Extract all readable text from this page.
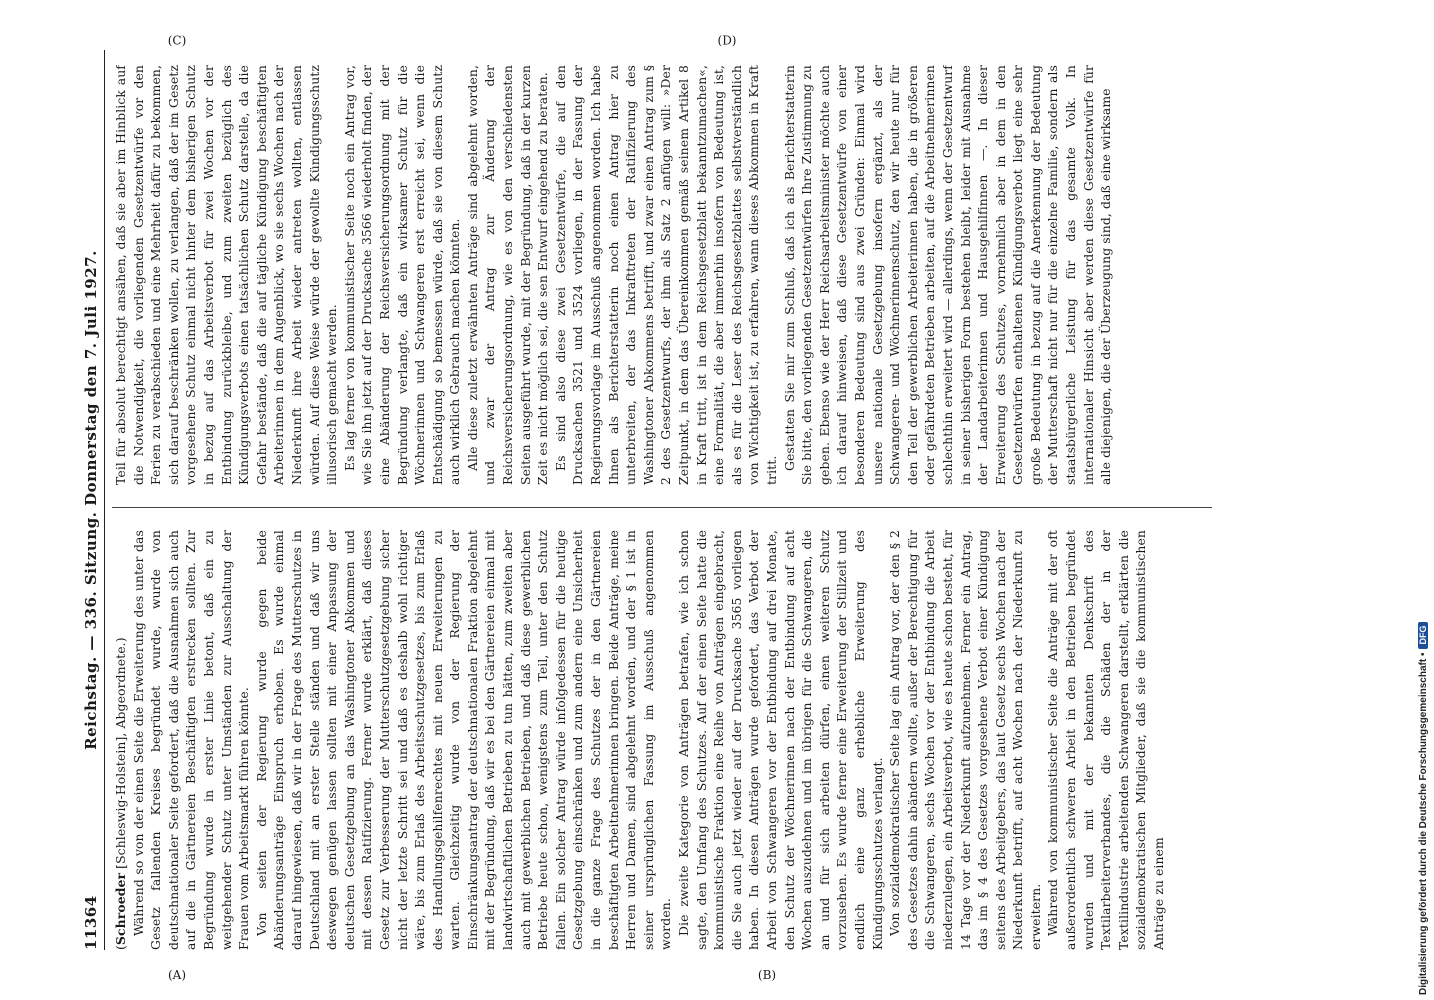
11364
Reichstag. — 336. Sitzung. Donnerstag den 7. Juli 1927.

(Schroeder [Schleswig-Holstein], Abgeordnete.) Während so von der einen Seite die Erweiterung des unter das Gesetz fallenden Kreises begründet wurde, wurde von deutschnationaler Seite gefordert, daß die Ausnahmen sich auch auf die in Gärtnereien Beschäftigten erstrecken sollten. Zur Begründung wurde in erster Linie betont, daß ein zu weitgehender Schutz unter Umständen zur Ausschaltung der Frauen vom Arbeitsmarkt führen könnte. Von seiten der Regierung wurde gegen beide Abänderungsanträge Einspruch erhoben. Es wurde einmal darauf hingewiesen, daß wir in der Frage des Mutterschutzes in Deutschland mit an erster Stelle ständen und daß wir uns deswegen genügen lassen sollten mit einer Anpassung der deutschen Gesetzgebung an das Washingtoner Abkommen und mit dessen Ratifizierung. Ferner wurde erklärt, daß dieses Gesetz zur Verbesserung der Mutterschutzgesetzgebung sicher nicht der letzte Schritt sei und daß es deshalb wohl richtiger wäre, bis zum Erlaß des Arbeitsschutzgesetzes, bis zum Erlaß des Handlungsgehilfenrechtes mit neuen Erweiterungen zu warten. Gleichzeitig wurde von der Regierung der Einschränkungsantrag der deutschnationalen Fraktion abgelehnt mit der Begründung, daß wir es bei den Gärtnereien einmal mit landwirtschaftlichen Betrieben zu tun hätten, zum zweiten aber auch mit gewerblichen Betrieben, und daß diese gewerblichen Betriebe heute schon, wenigstens zum Teil, unter den Schutz fallen. Ein solcher Antrag würde infolgedessen für die heutige Gesetzgebung einschränken und zum andern eine Unsicherheit in die ganze Frage des Schutzes der in den Gärtnereien beschäftigten Arbeitnehmerinnen bringen. Beide Anträge, meine Herren und Damen, sind abgelehnt worden, und der § 1 ist in seiner ursprünglichen Fassung im Ausschuß angenommen worden. Die zweite Kategorie von Anträgen betrafen, wie ich schon sagte, den Umfang des Schutzes. Auf der einen Seite hatte die kommunistische Fraktion eine Reihe von Anträgen eingebracht, die Sie auch jetzt wieder auf der Drucksache 3565 vorliegen haben. In diesen Anträgen wurde gefordert, das Verbot der Arbeit von Schwangeren vor der Entbindung auf drei Monate, den Schutz der Wöchnerinnen nach der Entbindung auf acht Wochen auszudehnen und im übrigen für die Schwangeren, die an und für sich arbeiten dürfen, einen weiteren Schutz vorzusehen. Es wurde ferner eine Erweiterung der Stillzeit und endlich eine ganz erhebliche Erweiterung des Kündigungsschutzes verlangt. Von sozialdemokratischer Seite lag ein Antrag vor, der den § 2 des Gesetzes dahin abändern wollte, außer der Berechtigung für die Schwangeren, sechs Wochen vor der Entbindung die Arbeit niederzulegen, ein Arbeitsverbot, wie es heute schon besteht, für 14 Tage vor der Niederkunft aufzunehmen. Ferner ein Antrag, das im § 4 des Gesetzes vorgesehene Verbot einer Kündigung seitens des Arbeitgebers, das laut Gesetz sechs Wochen nach der Niederkunft betrifft, auf acht Wochen nach der Niederkunft zu erweitern. Während von kommunistischer Seite die Anträge mit der oft außerordentlich schweren Arbeit in den Betrieben begründet wurden und mit der bekannten Denkschrift des Textilarbeiterverbandes, die die Schäden der in der Textilindustrie arbeitenden Schwangeren darstellt, erklärten die sozialdemokratischen Mitglieder, daß sie die kommunistischen Anträge zu einem

Teil für absolut berechtigt ansähen, daß sie aber im Hinblick auf die Notwendigkeit, die vorliegenden Gesetzentwürfe vor den Ferien zu verabschieden und eine Mehrheit dafür zu bekommen, sich darauf beschränken wollen, zu verlangen, daß der im Gesetz vorgesehene Schutz einmal nicht hinter dem bisherigen Schutz in bezug auf das Arbeitsverbot für zwei Wochen vor der Entbindung zurückbleibe, und zum zweiten bezüglich des Kündigungsverbots einen tatsächlichen Schutz darstelle, da die Gefahr bestände, daß die auf tägliche Kündigung beschäftigten Arbeiterinnen in dem Augenblick, wo sie sechs Wochen nach der Niederkunft ihre Arbeit wieder antreten wollten, entlassen würden. Auf diese Weise würde der gewollte Kündigungsschutz illusorisch gemacht werden. Es lag ferner von kommunistischer Seite noch ein Antrag vor, wie Sie ihn jetzt auf der Drucksache 3566 wiederholt finden, der eine Abänderung der Reichsversicherungsordnung mit der Begründung verlangte, daß ein wirksamer Schutz für die Wöchnerinnen und Schwangeren erst erreicht sei, wenn die Entschädigung so bemessen würde, daß sie von diesem Schutz auch wirklich Gebrauch machen könnten. Alle diese zuletzt erwähnten Anträge sind abgelehnt worden, und zwar der Antrag zur Änderung der Reichsversicherungsordnung, wie es von den verschiedensten Seiten ausgeführt wurde, mit der Begründung, daß in der kurzen Zeit es nicht möglich sei, die sen Entwurf eingehend zu beraten. Es sind also diese zwei Gesetzentwürfe, die auf den Drucksachen 3521 und 3524 vorliegen, in der Fassung der Regierungsvorlage im Ausschuß angenommen worden. Ich habe Ihnen als Berichterstatterin noch einen Antrag hier zu unterbreiten, der das Inkrafttreten der Ratifizierung des Washingtoner Abkommens betrifft, und zwar einen Antrag zum § 2 des Gesetzentwurfs, der ihm als Satz 2 anfügen will: »Der Zeitpunkt, in dem das Übereinkommen gemäß seinem Artikel 8 in Kraft tritt, ist in dem Reichsgesetzblatt bekanntzumachen«, eine Formalität, die aber immerhin insofern von Bedeutung ist, als es für die Leser des Reichsgesetzblattes selbstverständlich von Wichtigkeit ist, zu erfahren, wann dieses Abkommen in Kraft tritt. Gestatten Sie mir zum Schluß, daß ich als Berichterstatterin Sie bitte, den vorliegenden Gesetzentwürfen Ihre Zustimmung zu geben. Ebenso wie der Herr Reichsarbeitsminister möchte auch ich darauf hinweisen, daß diese Gesetzentwürfe von einer besonderen Bedeutung sind aus zwei Gründen: Einmal wird unsere nationale Gesetzgebung insofern ergänzt, als der Schwangeren- und Wöchnerinnenschutz, den wir heute nur für den Teil der gewerblichen Arbeiterinnen haben, die in größeren oder gefährdeten Betrieben arbeiten, auf die Arbeitnehmerinnen schlechthin erweitert wird — allerdings, wenn der Gesetzentwurf in seiner bisherigen Form bestehen bleibt, leider mit Ausnahme der Landarbeiterinnen und Hausgehilfinnen —. In dieser Erweiterung des Schutzes, vornehmlich aber in dem in den Gesetzentwürfen enthaltenen Kündigungsverbot liegt eine sehr große Bedeutung in bezug auf die Anerkennung der Bedeutung der Mutterschaft nicht nur für die einzelne Familie, sondern als staatsbürgerliche Leistung für das gesamte Volk. In internationaler Hinsicht aber werden diese Gesetzentwürfe für alle diejenigen, die der Überzeugung sind, daß eine wirksame

(A)	(B)
(C)	(D)
Digitalisierung gefördert durch die Deutsche Forschungsgemeinschaft •DFG
